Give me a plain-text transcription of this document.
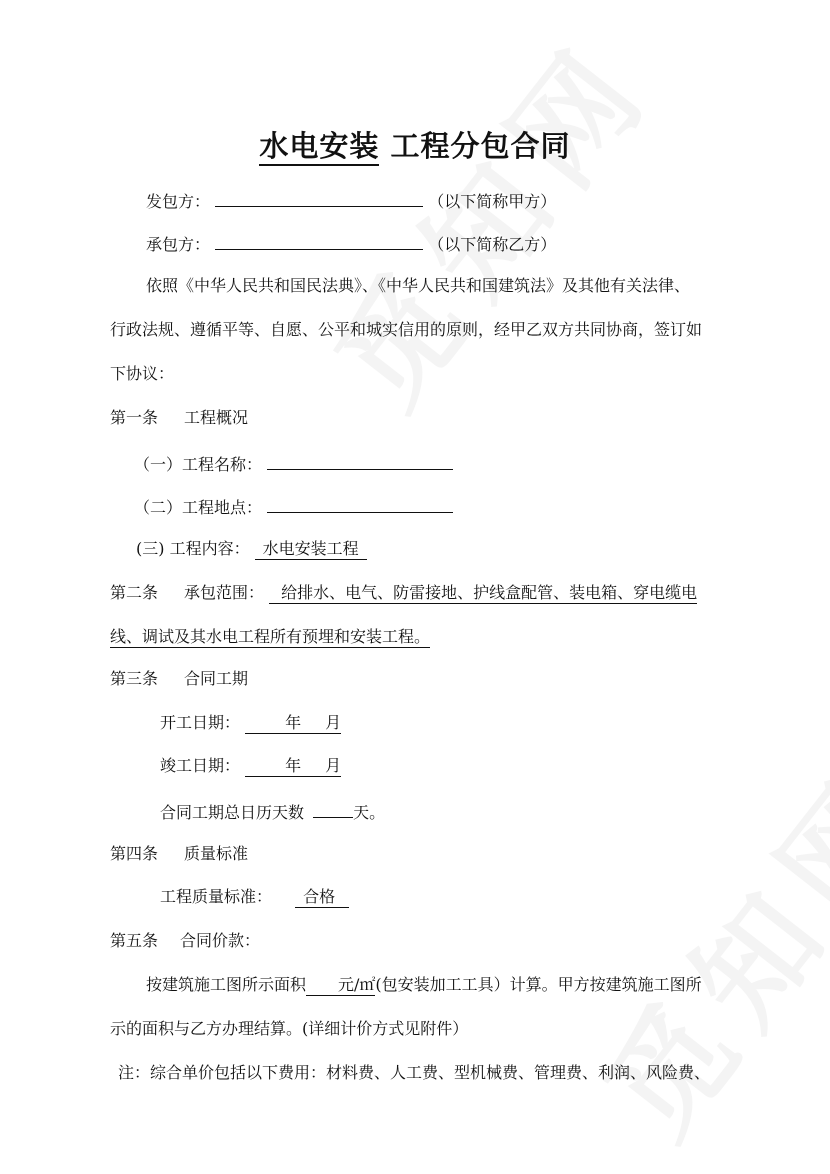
水电安装 工程分包合同
发包方：	（以下简称甲方）
承包方：	（以下简称乙方）
依照《中华人民共和国民法典》、《中华人民共和国建筑法》及其他有关法律、
行政法规、遵循平等、自愿、公平和城实信用的原则，经甲乙双方共同协商，签订如
下协议：
第一条 工程概况
（一）工程名称：
（二）工程地点：
(三) 工程内容： 水电安装工程
第二条 承包范围： 给排水、电气、防雷接地、护线盒配管、装电箱、穿电缆电
线、调试及其水电工程所有预埋和安装工程。
第三条 合同工期
开工日期：	年 月
竣工日期：	年 月
合同工期总日历天数	天。
第四条 质量标准
工程质量标准： 合格
第五条 合同价款：
按建筑施工图所示面积 元/㎡(包安装加工工具）计算。甲方按建筑施工图所
示的面积与乙方办理结算。(详细计价方式见附件）
注：综合单价包括以下费用：材料费、人工费、型机械费、管理费、利润、风险费、
